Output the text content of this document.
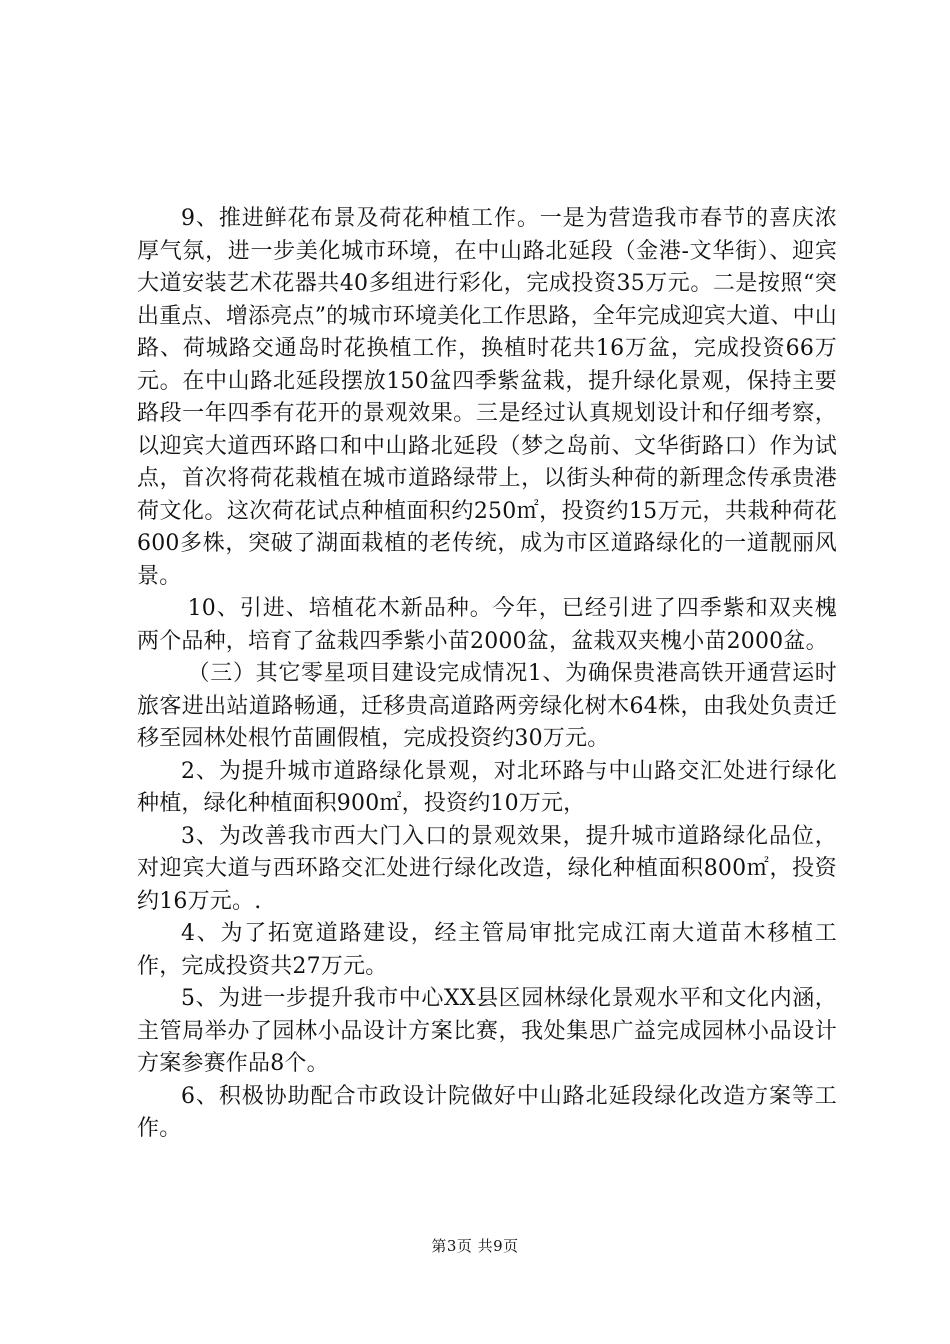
9、推进鲜花布景及荷花种植工作。一是为营造我市春节的喜庆浓厚气氛，进一步美化城市环境，在中山路北延段（金港-文华街）、迎宾大道安装艺术花器共40多组进行彩化，完成投资35万元。二是按照“突出重点、增添亮点”的城市环境美化工作思路，全年完成迎宾大道、中山路、荷城路交通岛时花换植工作，换植时花共16万盆，完成投资66万元。在中山路北延段摆放150盆四季紫盆栽，提升绿化景观，保持主要路段一年四季有花开的景观效果。三是经过认真规划设计和仔细考察，以迎宾大道西环路口和中山路北延段（梦之岛前、文华街路口）作为试点，首次将荷花栽植在城市道路绿带上，以街头种荷的新理念传承贵港荷文化。这次荷花试点种植面积约250㎡，投资约15万元，共栽种荷花600多株，突破了湖面栽植的老传统，成为市区道路绿化的一道靓丽风景。

10、引进、培植花木新品种。今年，已经引进了四季紫和双夹槐两个品种，培育了盆栽四季紫小苗2000盆，盆栽双夹槐小苗2000盆。

（三）其它零星项目建设完成情况1、为确保贵港高铁开通营运时旅客进出站道路畅通，迁移贵高道路两旁绿化树木64株，由我处负责迁移至园林处根竹苗圃假植，完成投资约30万元。

2、为提升城市道路绿化景观，对北环路与中山路交汇处进行绿化种植，绿化种植面积900㎡，投资约10万元，

3、为改善我市西大门入口的景观效果，提升城市道路绿化品位，对迎宾大道与西环路交汇处进行绿化改造，绿化种植面积800㎡，投资约16万元。.

4、为了拓宽道路建设，经主管局审批完成江南大道苗木移植工作，完成投资共27万元。

5、为进一步提升我市中心XX县区园林绿化景观水平和文化内涵，主管局举办了园林小品设计方案比赛，我处集思广益完成园林小品设计方案参赛作品8个。

6、积极协助配合市政设计院做好中山路北延段绿化改造方案等工作。

第3页 共9页
